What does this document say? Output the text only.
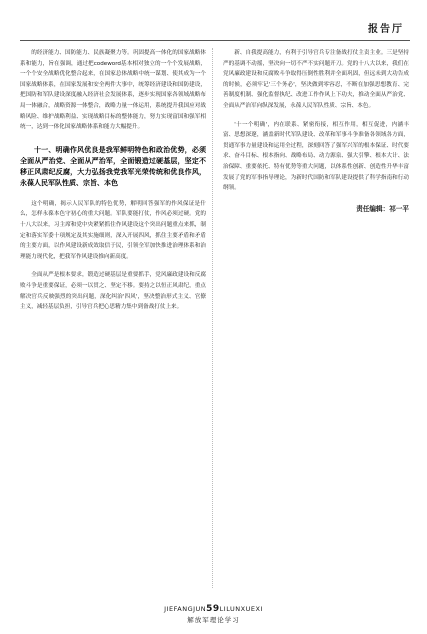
报告厅

的经济能力、国防能力、民族凝聚力等。巩固提高一体化的国家战略体系和能力，旨在强调，通过把codeword基本相对独立的一个个发展战略，一个个安全战略优化整合起来，在国家总体战略中统一谋划、使其成为一个国家战略体系，在国家发展和安全两件大事中，统筹经济建设和国防建设，把国防和军队建设深度融入经济社会发展体系，逐步实现国家各领域战略布局一体融合，战略资源一体整合，战略力量一体运用，系统提升我国应对战略风险、维护战略利益、实现战略目标的整体能力，努力实现富国和强军相统一，达到一体化国家战略体系和能力大幅提升。

十一、明确作风优良是我军鲜明特色和政治优势，必须全面从严治党、全面从严治军，全面锻造过硬基层，坚定不移正风肃纪反腐，大力弘扬我党我军光荣传统和优良作风，永葆人民军队性质、宗旨、本色

这个明确，揭示人民军队的特色优势，解明回答强军的作风保证是什么，怎样永葆本色守初心的重大问题。军队要能打仗，作风必须过硬。党的十八大以来，习主席和党中央紧紧抓住作风建设这个突出问题重点来抓，制定和落实军委十项规定及其实施细则，深入开展四风，抓住主要矛盾和矛盾的主要方面，以作风建设新成效取信于民，引领全军加快推进治理体系和治理能力现代化，把我军作风建设推向新高度。

全面从严是根本要求，锻造过硬基层是重要抓手，党风廉政建设和反腐败斗争是重要保证，必须一以贯之、坚定不移。要持之以恒正风肃纪，重点解决官兵反映强烈的突出问题，深化纠治'四风'，坚决整治形式主义、官僚主义，减轻基层负担，引导官兵把心思精力集中到备战打仗上来。

新、自我提高能力，有利于引导官兵专注备战打仗主责主业。三是坚持严的基调不动摇，坚决向一切不严不实问题开刀。党的十八大以来，我们在党风廉政建设和反腐败斗争取得压倒性胜利并全面巩固，但远未到大功告成的时候，必须牢记'三个务必'，坚决做到零容忍，不断在加强思想教育、完善制度机制、强化监督执纪、改进工作作风上下功夫，推动全面从严治党、全面从严治军向纵深发展，永葆人民军队性质、宗旨、本色。

'十一个明确'，内在联系、紧密衔接，相互作用，相互促进，内涵丰富、思想深邃，涵盖新时代军队建设、改革和军事斗争准备各领域各方面，贯通军事力量建设和运用全过程，深刻回答了强军兴军的根本保证、时代要求、奋斗目标、根本指向、战略布局、动力源泉、强大引擎、根本大计、法治保障、重要依托、特有优势等重大问题，以体系性创新、创造性升华丰富发展了党的军事指导理论，为新时代国防和军队建设提供了科学指南和行动纲领。

责任编辑：祁一平
JIEFANGJUN59LILUNXUEXI
解放军理论学习
